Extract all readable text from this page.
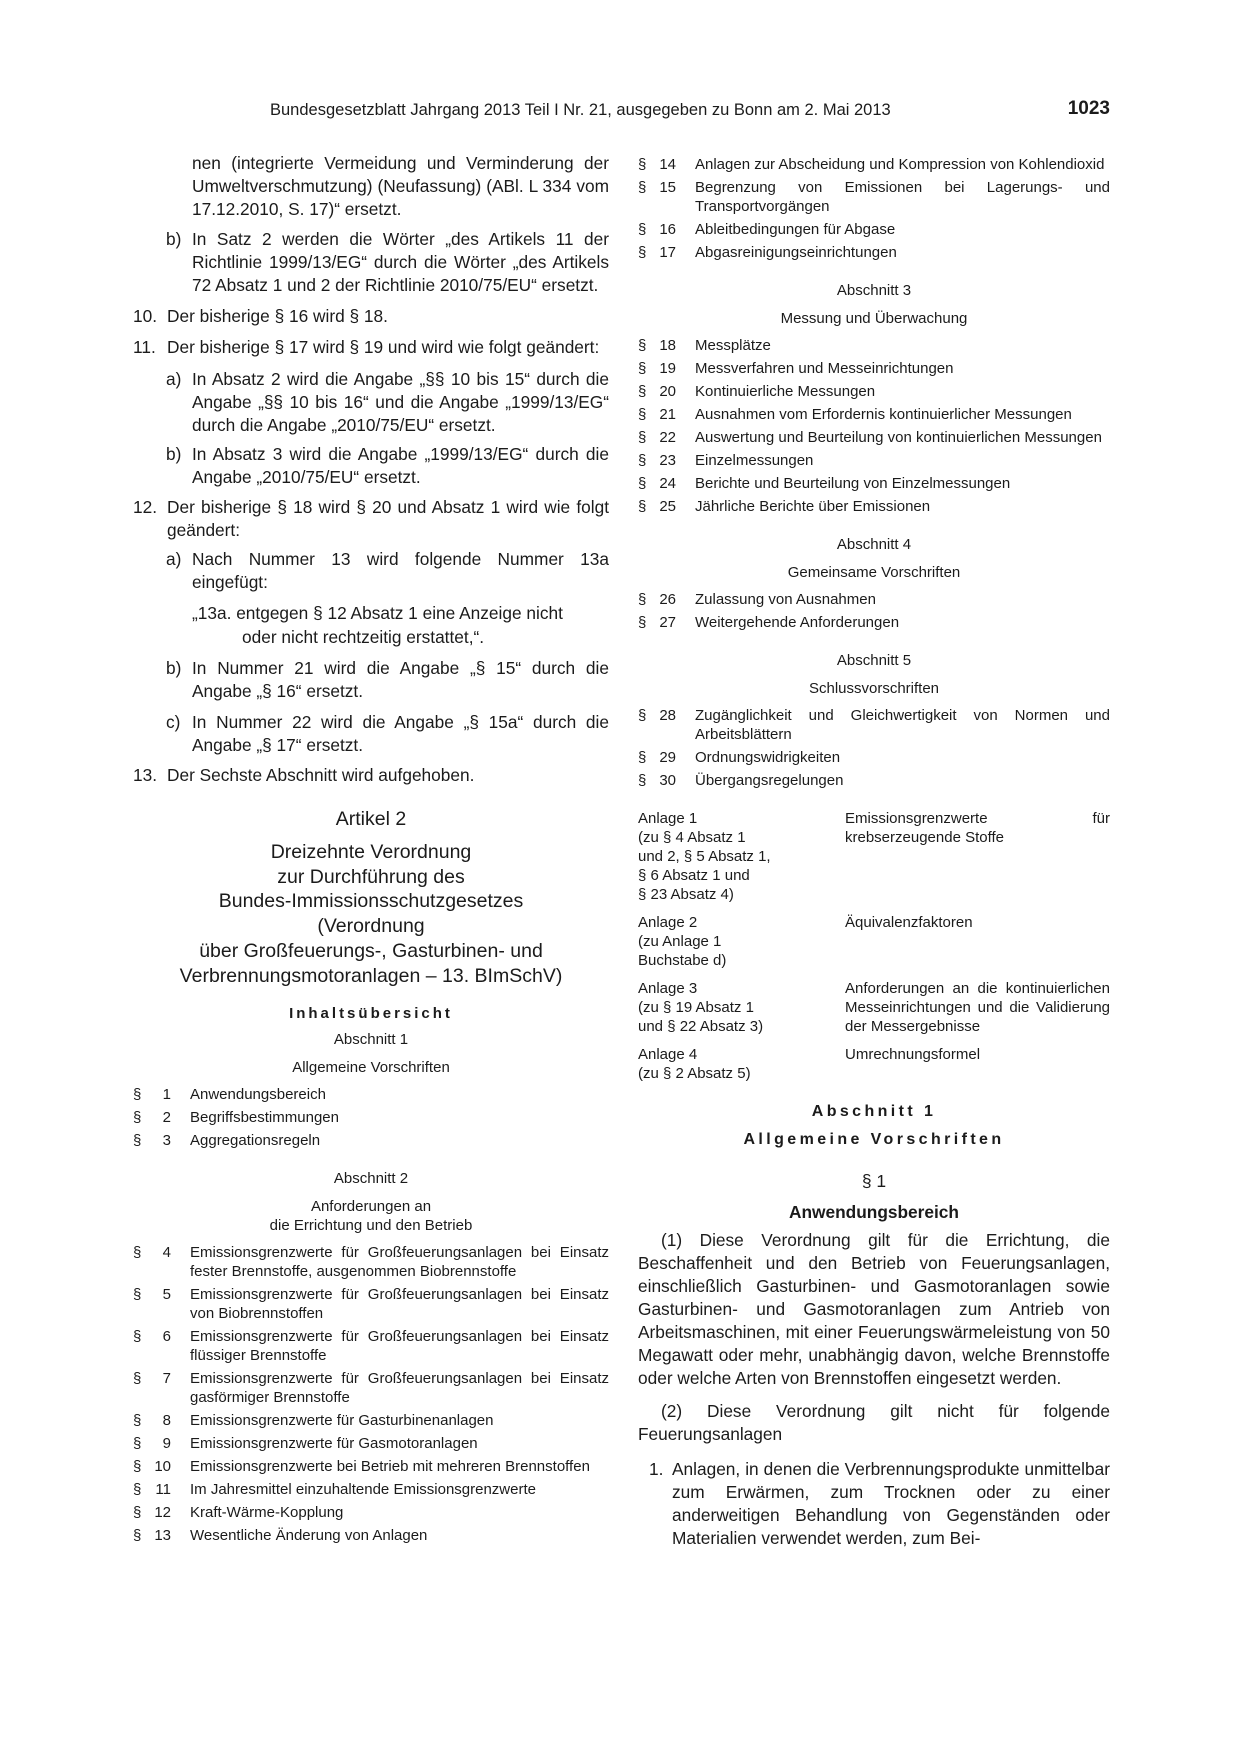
Bundesgesetzblatt Jahrgang 2013 Teil I Nr. 21, ausgegeben zu Bonn am 2. Mai 2013	1023
nen (integrierte Vermeidung und Verminderung der Umweltverschmutzung) (Neufassung) (ABl. L 334 vom 17.12.2010, S. 17)“ ersetzt.
b) In Satz 2 werden die Wörter „des Artikels 11 der Richtlinie 1999/13/EG“ durch die Wörter „des Artikels 72 Absatz 1 und 2 der Richtlinie 2010/75/EU“ ersetzt.
10. Der bisherige § 16 wird § 18.
11. Der bisherige § 17 wird § 19 und wird wie folgt geändert:
a) In Absatz 2 wird die Angabe „§§ 10 bis 15“ durch die Angabe „§§ 10 bis 16“ und die Angabe „1999/13/EG“ durch die Angabe „2010/75/EU“ ersetzt.
b) In Absatz 3 wird die Angabe „1999/13/EG“ durch die Angabe „2010/75/EU“ ersetzt.
12. Der bisherige § 18 wird § 20 und Absatz 1 wird wie folgt geändert:
a) Nach Nummer 13 wird folgende Nummer 13a eingefügt:
„13a. entgegen § 12 Absatz 1 eine Anzeige nicht
oder nicht rechtzeitig erstattet,“.
b) In Nummer 21 wird die Angabe „§ 15“ durch die Angabe „§ 16“ ersetzt.
c) In Nummer 22 wird die Angabe „§ 15a“ durch die Angabe „§ 17“ ersetzt.
13. Der Sechste Abschnitt wird aufgehoben.
Artikel 2
Dreizehnte Verordnung
zur Durchführung des
Bundes-Immissionsschutzgesetzes
(Verordnung
über Großfeuerungs-, Gasturbinen- und
Verbrennungsmotoranlagen – 13. BImSchV)
Inhaltsübersicht
Abschnitt 1
Allgemeine Vorschriften
§ 1 Anwendungsbereich
§ 2 Begriffsbestimmungen
§ 3 Aggregationsregeln
Abschnitt 2
Anforderungen an
die Errichtung und den Betrieb
§ 4 Emissionsgrenzwerte für Großfeuerungsanlagen bei Einsatz fester Brennstoffe, ausgenommen Biobrennstoffe
§ 5 Emissionsgrenzwerte für Großfeuerungsanlagen bei Einsatz von Biobrennstoffen
§ 6 Emissionsgrenzwerte für Großfeuerungsanlagen bei Einsatz flüssiger Brennstoffe
§ 7 Emissionsgrenzwerte für Großfeuerungsanlagen bei Einsatz gasförmiger Brennstoffe
§ 8 Emissionsgrenzwerte für Gasturbinenanlagen
§ 9 Emissionsgrenzwerte für Gasmotoranlagen
§ 10 Emissionsgrenzwerte bei Betrieb mit mehreren Brennstoffen
§ 11 Im Jahresmittel einzuhaltende Emissionsgrenzwerte
§ 12 Kraft-Wärme-Kopplung
§ 13 Wesentliche Änderung von Anlagen
§ 14 Anlagen zur Abscheidung und Kompression von Kohlendioxid
§ 15 Begrenzung von Emissionen bei Lagerungs- und Transportvorgängen
§ 16 Ableitbedingungen für Abgase
§ 17 Abgasreinigungseinrichtungen
Abschnitt 3
Messung und Überwachung
§ 18 Messplätze
§ 19 Messverfahren und Messeinrichtungen
§ 20 Kontinuierliche Messungen
§ 21 Ausnahmen vom Erfordernis kontinuierlicher Messungen
§ 22 Auswertung und Beurteilung von kontinuierlichen Messungen
§ 23 Einzelmessungen
§ 24 Berichte und Beurteilung von Einzelmessungen
§ 25 Jährliche Berichte über Emissionen
Abschnitt 4
Gemeinsame Vorschriften
§ 26 Zulassung von Ausnahmen
§ 27 Weitergehende Anforderungen
Abschnitt 5
Schlussvorschriften
§ 28 Zugänglichkeit und Gleichwertigkeit von Normen und Arbeitsblättern
§ 29 Ordnungswidrigkeiten
§ 30 Übergangsregelungen
Anlage 1
(zu § 4 Absatz 1
und 2, § 5 Absatz 1,
§ 6 Absatz 1 und
§ 23 Absatz 4)
Emissionsgrenzwerte für krebserzeugende Stoffe
Anlage 2
(zu Anlage 1
Buchstabe d)
Äquivalenzfaktoren
Anlage 3
(zu § 19 Absatz 1
und § 22 Absatz 3)
Anforderungen an die kontinuierlichen Messeinrichtungen und die Validierung der Messergebnisse
Anlage 4
(zu § 2 Absatz 5)
Umrechnungsformel
Abschnitt 1
Allgemeine Vorschriften
§ 1
Anwendungsbereich
(1) Diese Verordnung gilt für die Errichtung, die Beschaffenheit und den Betrieb von Feuerungsanlagen, einschließlich Gasturbinen- und Gasmotoranlagen sowie Gasturbinen- und Gasmotoranlagen zum Antrieb von Arbeitsmaschinen, mit einer Feuerungswärmeleistung von 50 Megawatt oder mehr, unabhängig davon, welche Brennstoffe oder welche Arten von Brennstoffen eingesetzt werden.
(2) Diese Verordnung gilt nicht für folgende Feuerungsanlagen
1. Anlagen, in denen die Verbrennungsprodukte unmittelbar zum Erwärmen, zum Trocknen oder zu einer anderweitigen Behandlung von Gegenständen oder Materialien verwendet werden, zum Bei-
